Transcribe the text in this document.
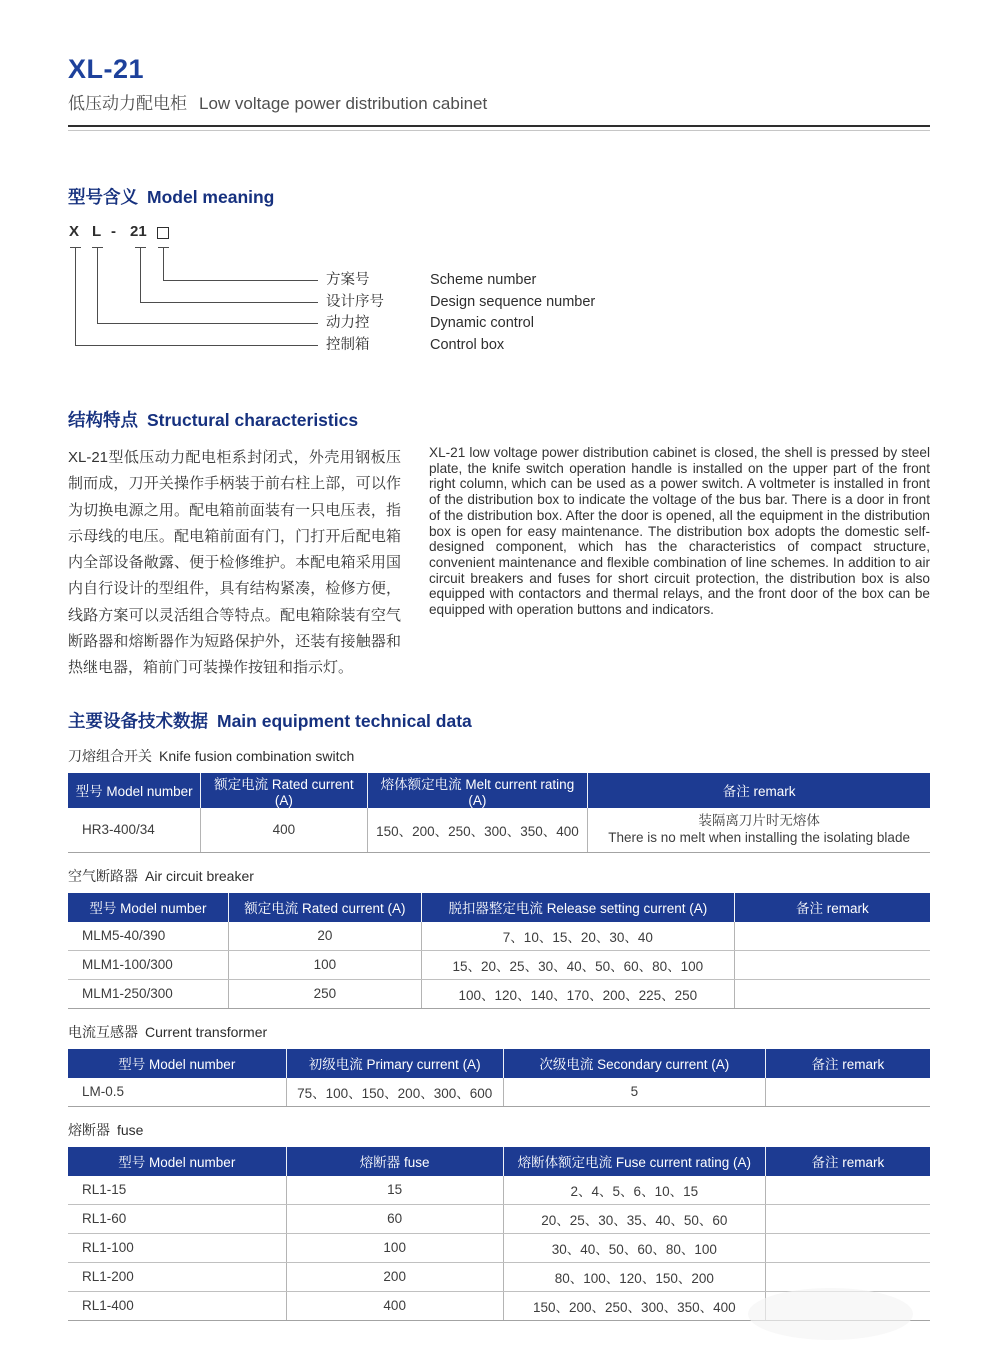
XL-21
低压动力配电柜 Low voltage power distribution cabinet
型号含义 Model meaning
X L - 21
方案号	Scheme number
设计序号	Design sequence number
动力控	Dynamic control
控制箱	Control box
结构特点 Structural characteristics

XL-21型低压动力配电柜系封闭式，外壳用钢板压制而成，刀开关操作手柄装于前右柱上部，可以作为切换电源之用。配电箱前面装有一只电压表，指示母线的电压。配电箱前面有门，门打开后配电箱内全部设备敞露、便于检修维护。本配电箱采用国内自行设计的型组件，具有结构紧凑，检修方便，线路方案可以灵活组合等特点。配电箱除装有空气断路器和熔断器作为短路保护外，还装有接触器和热继电器，箱前门可装操作按钮和指示灯。

XL-21 low voltage power distribution cabinet is closed, the shell is pressed by steel plate, the knife switch operation handle is installed on the upper part of the front right column, which can be used as a power switch. A voltmeter is installed in front of the distribution box to indicate the voltage of the bus bar. There is a door in front of the distribution box. After the door is opened, all the equipment in the distribution box is open for easy maintenance. The distribution box adopts the domestic self-designed component, which has the characteristics of compact structure, convenient maintenance and flexible combination of line schemes. In addition to air circuit breakers and fuses for short circuit protection, the distribution box is also equipped with contactors and thermal relays, and the front door of the box can be equipped with operation buttons and indicators.

主要设备技术数据 Main equipment technical data
刀熔组合开关 Knife fusion combination switch
型号 Model number	额定电流 Rated current (A)	熔体额定电流 Melt current rating (A)	备注 remark
HR3-400/34	400	150、200、250、300、350、400	装隔离刀片时无熔体
There is no melt when installing the isolating blade
空气断路器 Air circuit breaker
型号 Model number	额定电流 Rated current (A)	脱扣器整定电流 Release setting current (A)	备注 remark
MLM5-40/390	20	7、10、15、20、30、40	
MLM1-100/300	100	15、20、25、30、40、50、60、80、100	
MLM1-250/300	250	100、120、140、170、200、225、250	
电流互感器 Current transformer
型号 Model number	初级电流 Primary current (A)	次级电流 Secondary current (A)	备注 remark
LM-0.5	75、100、150、200、300、600	5	
熔断器 fuse
型号 Model number	熔断器 fuse	熔断体额定电流 Fuse current rating (A)	备注 remark
RL1-15	15	2、4、5、6、10、15	
RL1-60	60	20、25、30、35、40、50、60	
RL1-100	100	30、40、50、60、80、100	
RL1-200	200	80、100、120、150、200	
RL1-400	400	150、200、250、300、350、400	
